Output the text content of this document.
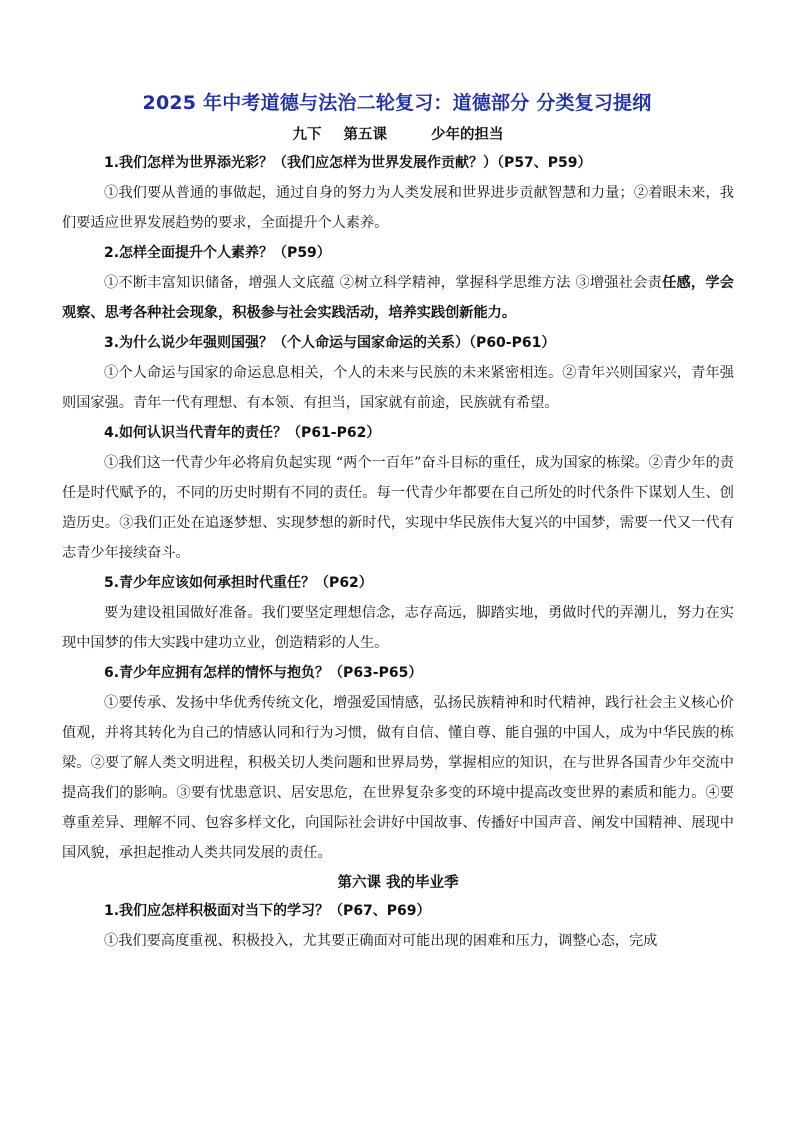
2025 年中考道德与法治二轮复习：道德部分 分类复习提纲

九下 第五课	少年的担当

1.我们怎样为世界添光彩？（我们应怎样为世界发展作贡献？）（P57、P59）

①我们要从普通的事做起，通过自身的努力为人类发展和世界进步贡献智慧和力量；②着眼未来，我们要适应世界发展趋势的要求，全面提升个人素养。

2.怎样全面提升个人素养？（P59）

①不断丰富知识储备，增强人文底蕴 ②树立科学精神，掌握科学思维方法 ③增强社会责任感，学会观察、思考各种社会现象，积极参与社会实践活动，培养实践创新能力。

3.为什么说少年强则国强？（个人命运与国家命运的关系）（P60-P61）

①个人命运与国家的命运息息相关，个人的未来与民族的未来紧密相连。②青年兴则国家兴，青年强则国家强。青年一代有理想、有本领、有担当，国家就有前途，民族就有希望。

4.如何认识当代青年的责任？（P61-P62）

①我们这一代青少年必将肩负起实现 “两个一百年”奋斗目标的重任，成为国家的栋梁。②青少年的责任是时代赋予的，不同的历史时期有不同的责任。每一代青少年都要在自己所处的时代条件下谋划人生、创造历史。③我们正处在追逐梦想、实现梦想的新时代，实现中华民族伟大复兴的中国梦，需要一代又一代有志青少年接续奋斗。

5.青少年应该如何承担时代重任？（P62）

要为建设祖国做好准备。我们要坚定理想信念，志存高远，脚踏实地，勇做时代的弄潮儿，努力在实现中国梦的伟大实践中建功立业，创造精彩的人生。

6.青少年应拥有怎样的情怀与抱负？（P63-P65）

①要传承、发扬中华优秀传统文化，增强爱国情感，弘扬民族精神和时代精神，践行社会主义核心价值观，并将其转化为自己的情感认同和行为习惯，做有自信、懂自尊、能自强的中国人，成为中华民族的栋梁。②要了解人类文明进程，积极关切人类问题和世界局势，掌握相应的知识，在与世界各国青少年交流中提高我们的影响。③要有忧患意识、居安思危，在世界复杂多变的环境中提高改变世界的素质和能力。④要尊重差异、理解不同、包容多样文化，向国际社会讲好中国故事、传播好中国声音、阐发中国精神、展现中国风貌，承担起推动人类共同发展的责任。

第六课 我的毕业季

1.我们应怎样积极面对当下的学习？（P67、P69）

①我们要高度重视、积极投入，尤其要正确面对可能出现的困难和压力，调整心态，完成
